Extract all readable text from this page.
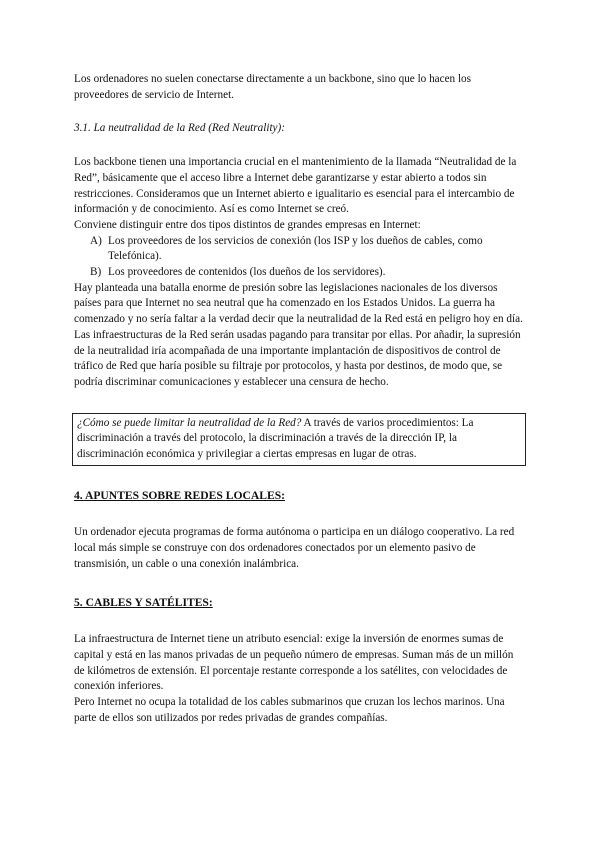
Los ordenadores no suelen conectarse directamente a un backbone, sino que lo hacen los proveedores de servicio de Internet.

3.1. La neutralidad de la Red (Red Neutrality):

Los backbone tienen una importancia crucial en el mantenimiento de la llamada “Neutralidad de la Red”, básicamente que el acceso libre a Internet debe garantizarse y estar abierto a todos sin restricciones. Consideramos que un Internet abierto e igualitario es esencial para el intercambio de información y de conocimiento. Así es como Internet se creó.

Conviene distinguir entre dos tipos distintos de grandes empresas en Internet:

A) Los proveedores de los servicios de conexión (los ISP y los dueños de cables, como Telefónica).
B) Los proveedores de contenidos (los dueños de los servidores).

Hay planteada una batalla enorme de presión sobre las legislaciones nacionales de los diversos países para que Internet no sea neutral que ha comenzado en los Estados Unidos. La guerra ha comenzado y no sería faltar a la verdad decir que la neutralidad de la Red está en peligro hoy en día. Las infraestructuras de la Red serán usadas pagando para transitar por ellas. Por añadir, la supresión de la neutralidad iría acompañada de una importante implantación de dispositivos de control de tráfico de Red que haría posible su filtraje por protocolos, y hasta por destinos, de modo que, se podría discriminar comunicaciones y establecer una censura de hecho.

¿Cómo se puede limitar la neutralidad de la Red? A través de varios procedimientos: La discriminación a través del protocolo, la discriminación a través de la dirección IP, la discriminación económica y privilegiar a ciertas empresas en lugar de otras.

4. APUNTES SOBRE REDES LOCALES:

Un ordenador ejecuta programas de forma autónoma o participa en un diálogo cooperativo. La red local más simple se construye con dos ordenadores conectados por un elemento pasivo de transmisión, un cable o una conexión inalámbrica.

5. CABLES Y SATÉLITES:

La infraestructura de Internet tiene un atributo esencial: exige la inversión de enormes sumas de capital y está en las manos privadas de un pequeño número de empresas. Suman más de un millón de kilómetros de extensión. El porcentaje restante corresponde a los satélites, con velocidades de conexión inferiores.

Pero Internet no ocupa la totalidad de los cables submarinos que cruzan los lechos marinos. Una parte de ellos son utilizados por redes privadas de grandes compañías.
